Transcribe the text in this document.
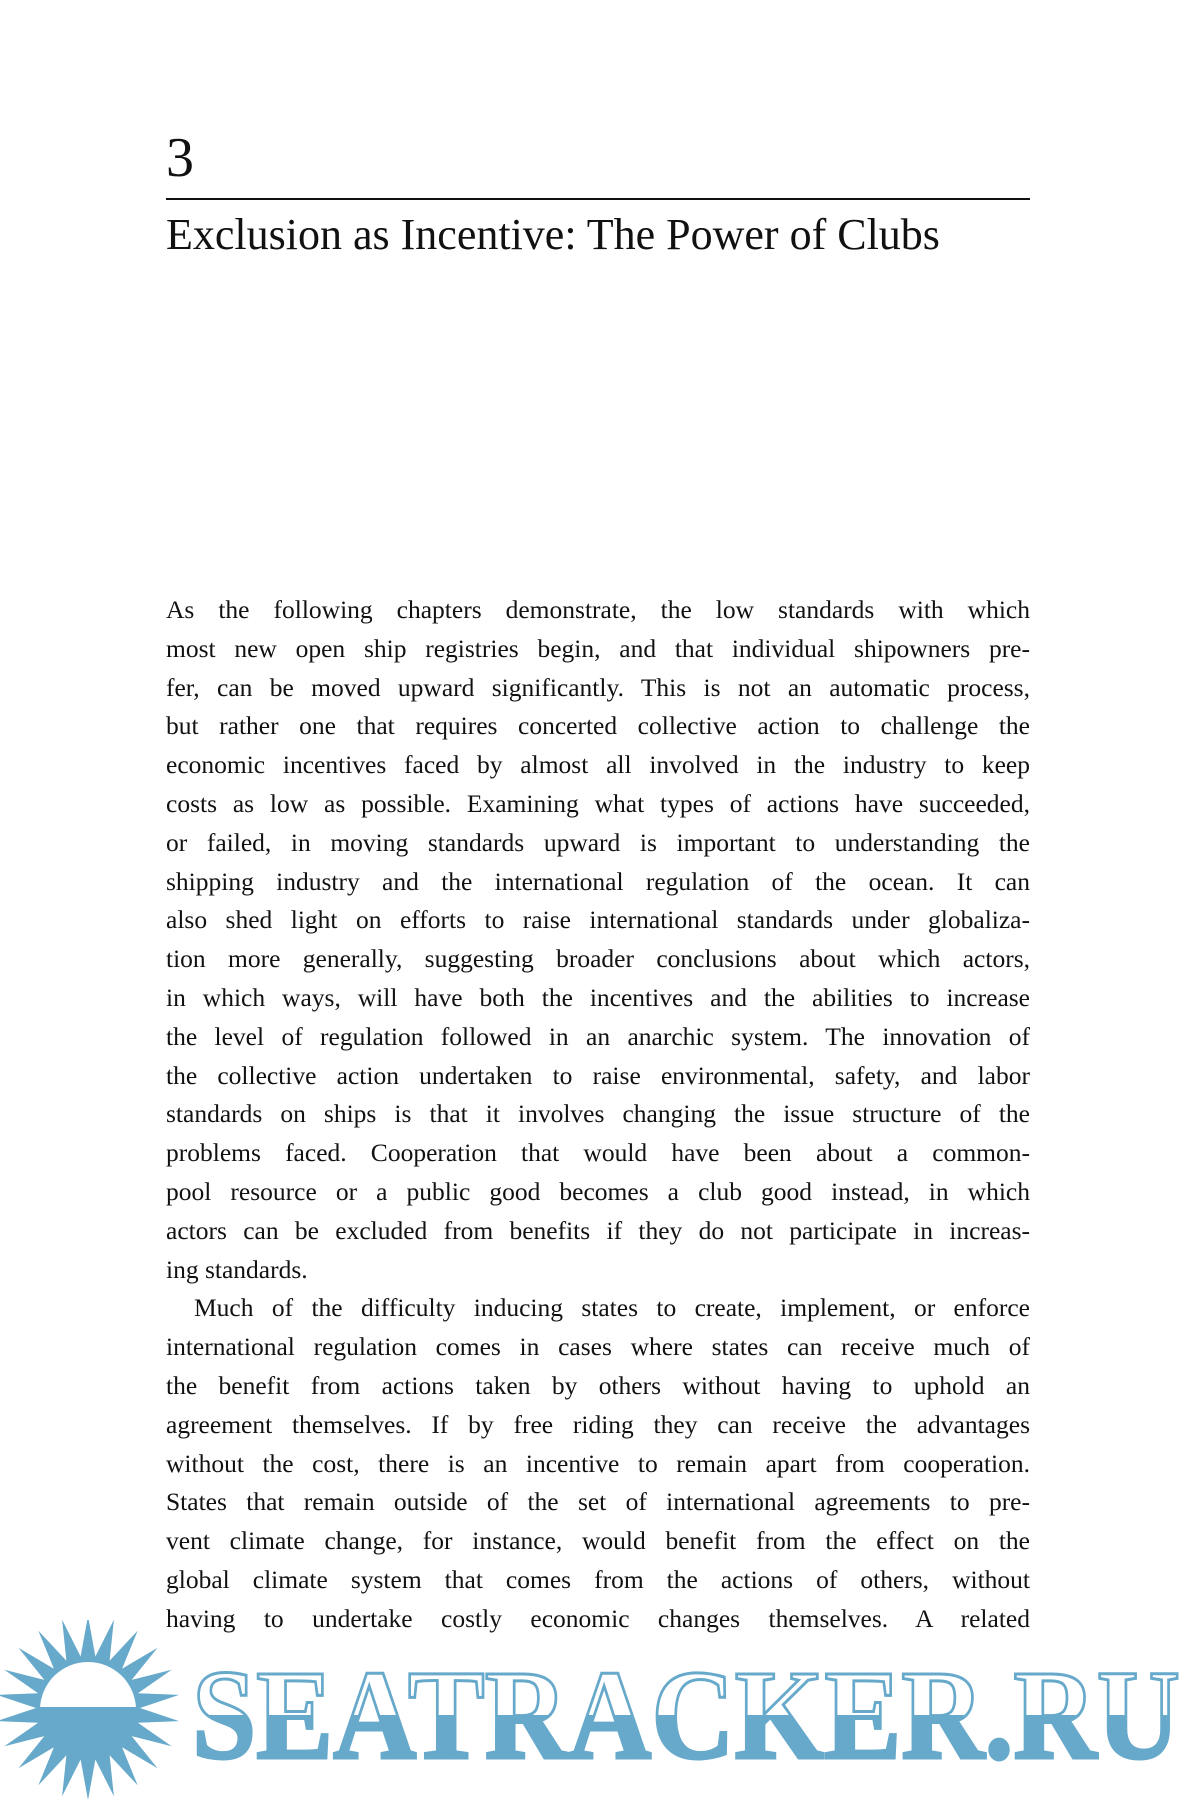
3
Exclusion as Incentive: The Power of Clubs
As the following chapters demonstrate, the low standards with which
most new open ship registries begin, and that individual shipowners pre-
fer, can be moved upward significantly. This is not an automatic process,
but rather one that requires concerted collective action to challenge the
economic incentives faced by almost all involved in the industry to keep
costs as low as possible. Examining what types of actions have succeeded,
or failed, in moving standards upward is important to understanding the
shipping industry and the international regulation of the ocean. It can
also shed light on efforts to raise international standards under globaliza-
tion more generally, suggesting broader conclusions about which actors,
in which ways, will have both the incentives and the abilities to increase
the level of regulation followed in an anarchic system. The innovation of
the collective action undertaken to raise environmental, safety, and labor
standards on ships is that it involves changing the issue structure of the
problems faced. Cooperation that would have been about a common-
pool resource or a public good becomes a club good instead, in which
actors can be excluded from benefits if they do not participate in increas-
ing standards.
Much of the difficulty inducing states to create, implement, or enforce
international regulation comes in cases where states can receive much of
the benefit from actions taken by others without having to uphold an
agreement themselves. If by free riding they can receive the advantages
without the cost, there is an incentive to remain apart from cooperation.
States that remain outside of the set of international agreements to pre-
vent climate change, for instance, would benefit from the effect on the
global climate system that comes from the actions of others, without
having to undertake costly economic changes themselves. A related
SEATRACKER.RU
